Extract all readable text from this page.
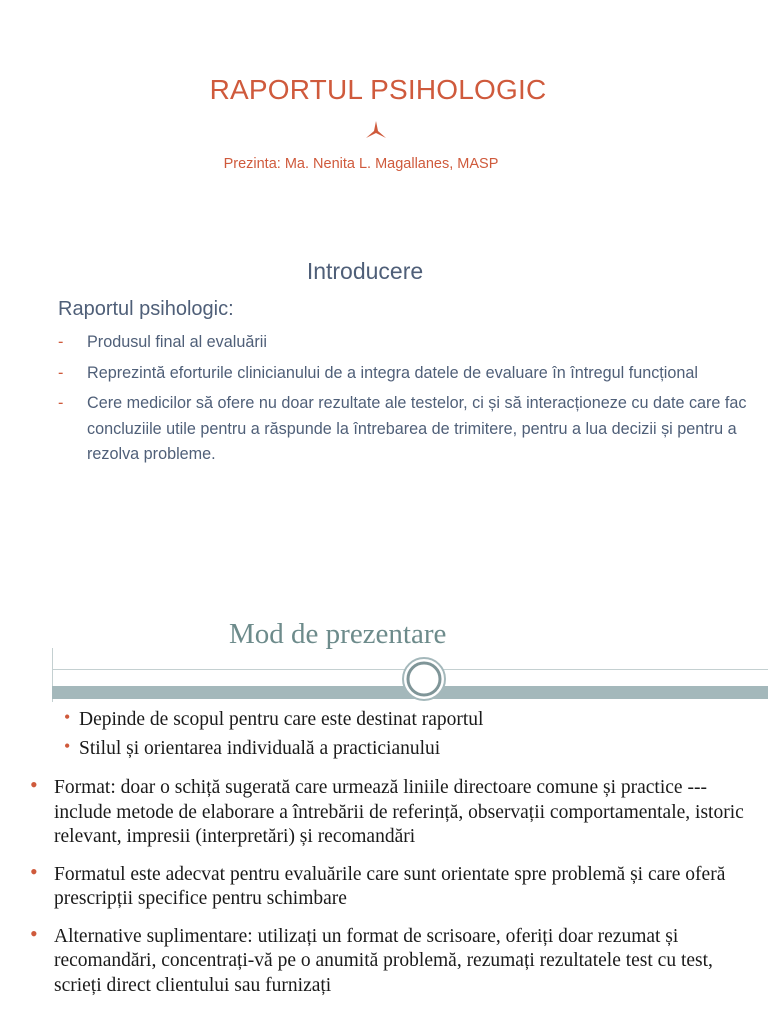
RAPORTUL PSIHOLOGIC
Prezinta: Ma. Nenita L. Magallanes, MASP
Introducere
Raportul psihologic:
- Produsul final al evaluării
- Reprezintă eforturile clinicianului de a integra datele de evaluare în întregul funcțional
- Cere medicilor să ofere nu doar rezultate ale testelor, ci și să interacționeze cu date care fac concluziile utile pentru a răspunde la întrebarea de trimitere, pentru a lua decizii și pentru a rezolva probleme.
Mod de prezentare
• Depinde de scopul pentru care este destinat raportul
• Stilul și orientarea individuală a practicianului
• Format: doar o schiță sugerată care urmează liniile directoare comune și practice --- include metode de elaborare a întrebării de referință, observații comportamentale, istoric relevant, impresii (interpretări) și recomandări
• Formatul este adecvat pentru evaluările care sunt orientate spre problemă și care oferă prescripții specifice pentru schimbare
• Alternative suplimentare: utilizați un format de scrisoare, oferiți doar rezumat și recomandări, concentrați-vă pe o anumită problemă, rezumați rezultatele test cu test, scrieți direct clientului sau furnizați
